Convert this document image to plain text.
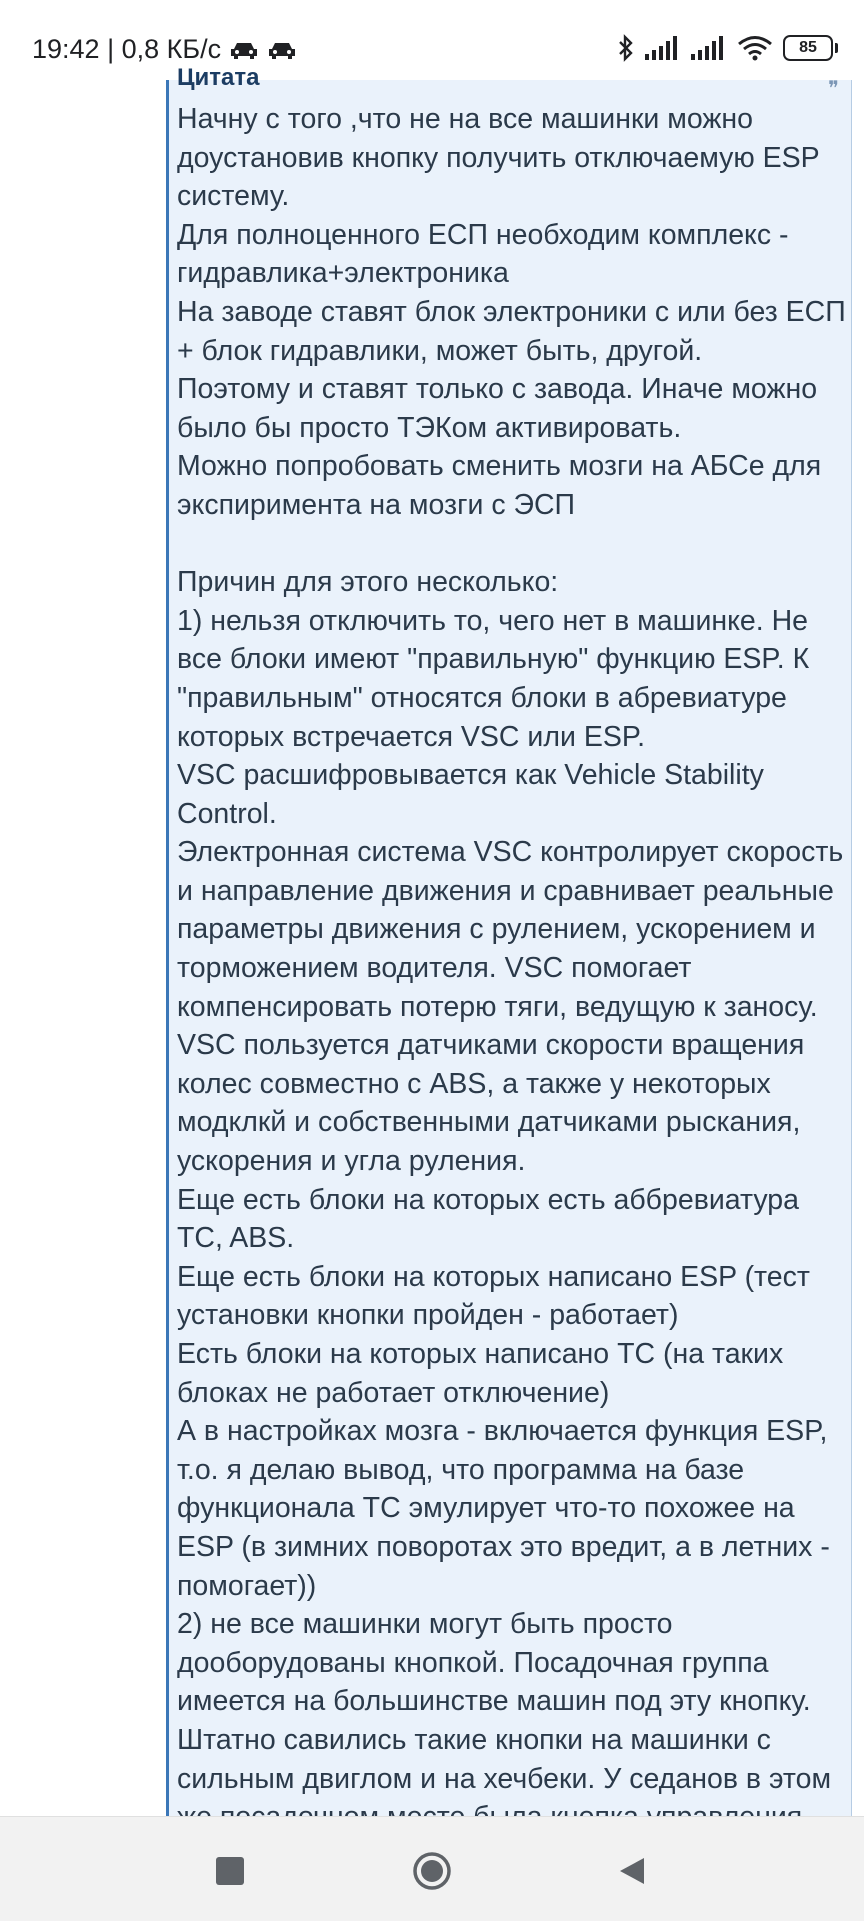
19:42 | 0,8 КБ/с	85
Цитата	❞
Начну с того ,что не на все машинки можно доустановив кнопку получить отключаемую ESP систему.
Для полноценного ЕСП необходим комплекс - гидравлика+электроника
На заводе ставят блок электроники с или без ЕСП + блок гидравлики, может быть, другой.
Поэтому и ставят только с завода. Иначе можно было бы просто ТЭКом активировать.
Можно попробовать сменить мозги на АБСе для экспиримента на мозги с ЭСП

Причин для этого несколько:
1) нельзя отключить то, чего нет в машинке. Не все блоки имеют "правильную" функцию ESP. К "правильным" относятся блоки в абревиатуре которых встречается VSC или ESP.
VSC расшифровывается как Vehicle Stability Control.
Электронная система VSC контролирует скорость и направление движения и сравнивает реальные параметры движения с рулением, ускорением и торможением водителя. VSC помогает компенсировать потерю тяги, ведущую к заносу. VSC пользуется датчиками скорости вращения колес совместно с ABS, а также у некоторых модклкй и собственными датчиками рыскания, ускорения и угла руления.
Еще есть блоки на которых есть аббревиатура TC, ABS.
Еще есть блоки на которых написано ESP (тест установки кнопки пройден - работает)
Есть блоки на которых написано TC (на таких блоках не работает отключение)
А в настройках мозга - включается функция ESP, т.о. я делаю вывод, что программа на базе функционала TC эмулирует что-то похожее на ESP (в зимних поворотах это вредит, а в летних - помогает))
2) не все машинки могут быть просто дооборудованы кнопкой. Посадочная группа имеется на большинстве машин под эту кнопку. Штатно савились такие кнопки на машинки с сильным двиглом и на хечбеки. У седанов в этом
